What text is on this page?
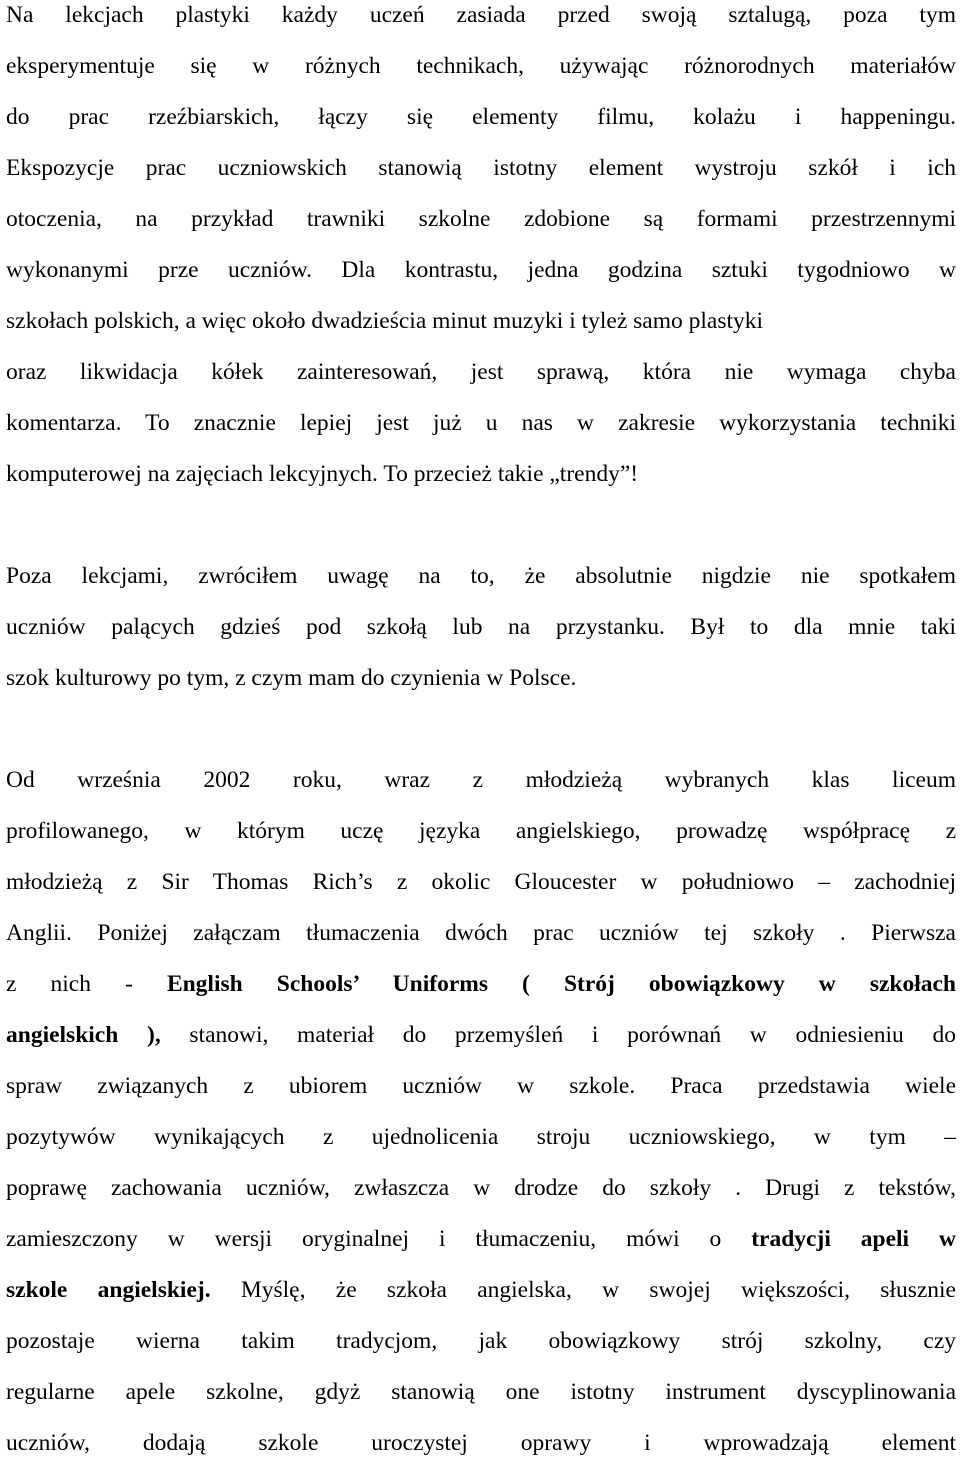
Na lekcjach plastyki każdy uczeń zasiada przed swoją sztalugą, poza tym
eksperymentuje się w różnych technikach, używając różnorodnych materiałów
do prac rzeźbiarskich, łączy się elementy filmu, kolażu i happeningu.
Ekspozycje prac uczniowskich stanowią istotny element wystroju szkół i ich
otoczenia, na przykład trawniki szkolne zdobione są formami przestrzennymi
wykonanymi prze uczniów. Dla kontrastu, jedna godzina sztuki tygodniowo w
szkołach polskich, a więc około dwadzieścia minut muzyki i tyleż samo plastyki
oraz likwidacja kółek zainteresowań, jest sprawą, która nie wymaga chyba
komentarza. To znacznie lepiej jest już u nas w zakresie wykorzystania techniki
komputerowej na zajęciach lekcyjnych. To przecież takie „trendy”!
Poza lekcjami, zwróciłem uwagę na to, że absolutnie nigdzie nie spotkałem
uczniów palących gdzieś pod szkołą lub na przystanku. Był to dla mnie taki
szok kulturowy po tym, z czym mam do czynienia w Polsce.
Od września 2002 roku, wraz z młodzieżą wybranych klas liceum
profilowanego, w którym uczę języka angielskiego, prowadzę współpracę z
młodzieżą z Sir Thomas Rich’s z okolic Gloucester w południowo – zachodniej
Anglii. Poniżej załączam tłumaczenia dwóch prac uczniów tej szkoły . Pierwsza
z nich - English Schools’ Uniforms ( Strój obowiązkowy w szkołach
angielskich ), stanowi, materiał do przemyśleń i porównań w odniesieniu do
spraw związanych z ubiorem uczniów w szkole. Praca przedstawia wiele
pozytywów wynikających z ujednolicenia stroju uczniowskiego, w tym –
poprawę zachowania uczniów, zwłaszcza w drodze do szkoły . Drugi z tekstów,
zamieszczony w wersji oryginalnej i tłumaczeniu, mówi o tradycji apeli w
szkole angielskiej. Myślę, że szkoła angielska, w swojej większości, słusznie
pozostaje wierna takim tradycjom, jak obowiązkowy strój szkolny, czy
regularne apele szkolne, gdyż stanowią one istotny instrument dyscyplinowania
uczniów, dodają szkole uroczystej oprawy i wprowadzają element
